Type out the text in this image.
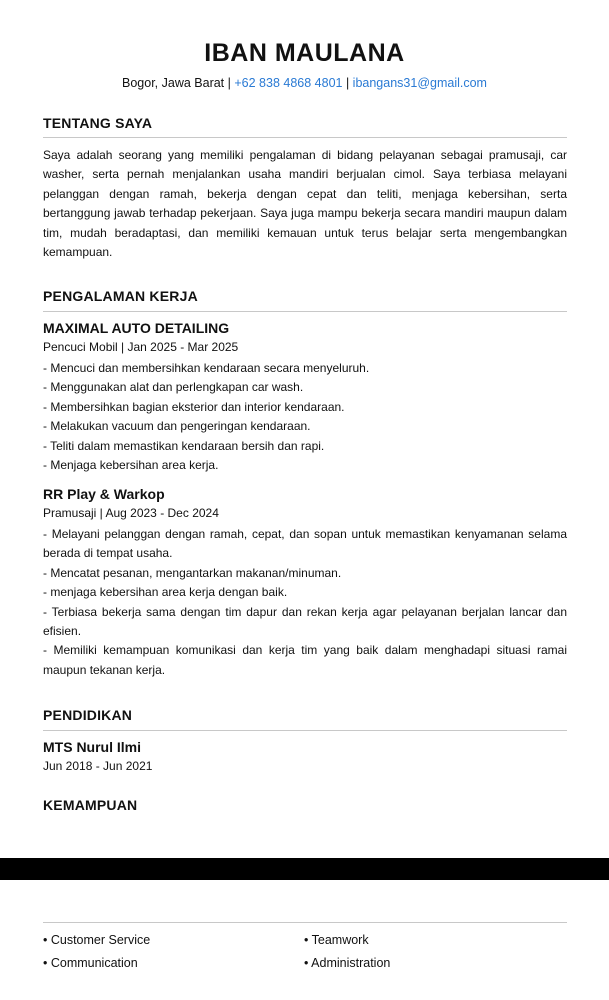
IBAN MAULANA
Bogor, Jawa Barat | +62 838 4868 4801 | ibangans31@gmail.com
TENTANG SAYA
Saya adalah seorang yang memiliki pengalaman di bidang pelayanan sebagai pramusaji, car washer, serta pernah menjalankan usaha mandiri berjualan cimol. Saya terbiasa melayani pelanggan dengan ramah, bekerja dengan cepat dan teliti, menjaga kebersihan, serta bertanggung jawab terhadap pekerjaan. Saya juga mampu bekerja secara mandiri maupun dalam tim, mudah beradaptasi, dan memiliki kemauan untuk terus belajar serta mengembangkan kemampuan.
PENGALAMAN KERJA
MAXIMAL AUTO DETAILING
Pencuci Mobil | Jan 2025 - Mar 2025
- Mencuci dan membersihkan kendaraan secara menyeluruh.
- Menggunakan alat dan perlengkapan car wash.
- Membersihkan bagian eksterior dan interior kendaraan.
- Melakukan vacuum dan pengeringan kendaraan.
- Teliti dalam memastikan kendaraan bersih dan rapi.
- Menjaga kebersihan area kerja.
RR Play & Warkop
Pramusaji | Aug 2023 - Dec 2024
- Melayani pelanggan dengan ramah, cepat, dan sopan untuk memastikan kenyamanan selama berada di tempat usaha.
- Mencatat pesanan, mengantarkan makanan/minuman.
- menjaga kebersihan area kerja dengan baik.
- Terbiasa bekerja sama dengan tim dapur dan rekan kerja agar pelayanan berjalan lancar dan efisien.
- Memiliki kemampuan komunikasi dan kerja tim yang baik dalam menghadapi situasi ramai maupun tekanan kerja.
PENDIDIKAN
MTS Nurul Ilmi
Jun 2018 - Jun 2021
KEMAMPUAN
• Customer Service	• Teamwork
• Communication	• Administration
